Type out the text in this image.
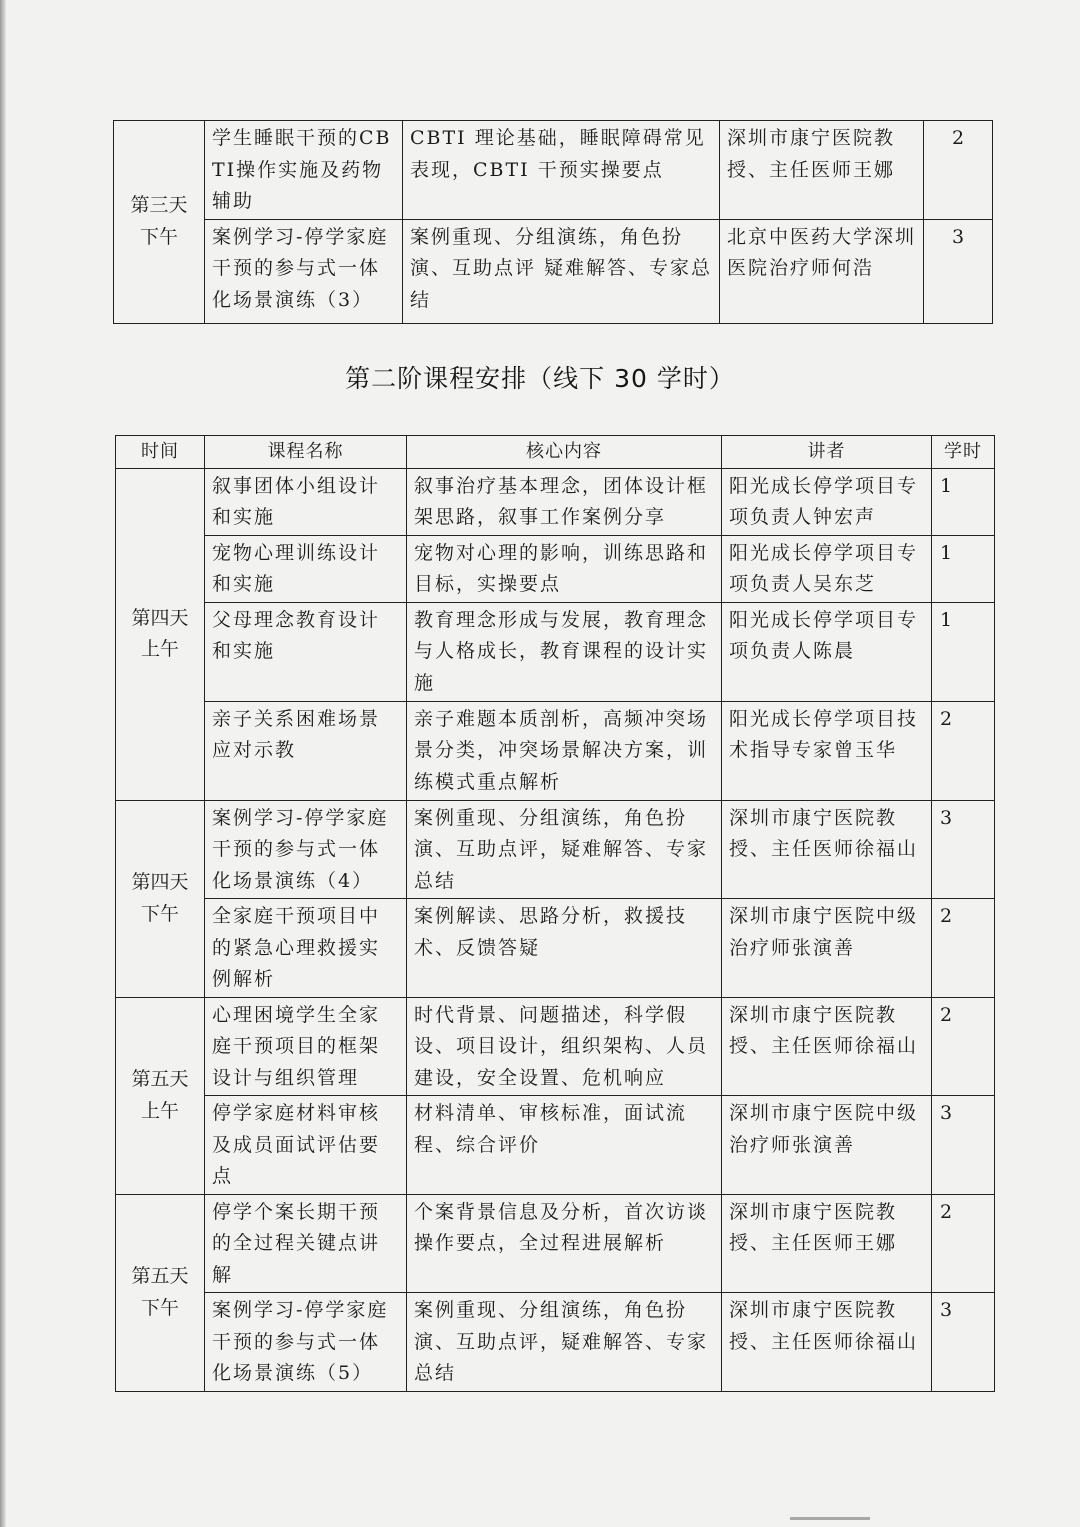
第三天
下午	学生睡眠干预的CBTI操作实施及药物辅助	CBTI 理论基础，睡眠障碍常见表现，CBTI 干预实操要点	深圳市康宁医院教授、主任医师王娜	2
	案例学习-停学家庭干预的参与式一体化场景演练（3）	案例重现、分组演练，角色扮演、互助点评 疑难解答、专家总结	北京中医药大学深圳医院治疗师何浩	3
第二阶课程安排（线下 30 学时）
时间	课程名称	核心内容	讲者	学时

第四天
上午	叙事团体小组设计和实施	叙事治疗基本理念，团体设计框架思路，叙事工作案例分享	阳光成长停学项目专项负责人钟宏声	1
	宠物心理训练设计和实施	宠物对心理的影响，训练思路和目标，实操要点	阳光成长停学项目专项负责人吴东芝	1
	父母理念教育设计和实施	教育理念形成与发展，教育理念与人格成长，教育课程的设计实施	阳光成长停学项目专项负责人陈晨	1
	亲子关系困难场景应对示教	亲子难题本质剖析，高频冲突场景分类，冲突场景解决方案，训练模式重点解析	阳光成长停学项目技术指导专家曾玉华	2

第四天
下午	案例学习-停学家庭干预的参与式一体化场景演练（4）	案例重现、分组演练，角色扮演、互助点评，疑难解答、专家总结	深圳市康宁医院教授、主任医师徐福山	3
	全家庭干预项目中的紧急心理救援实例解析	案例解读、思路分析，救援技术、反馈答疑	深圳市康宁医院中级治疗师张演善	2

第五天
上午	心理困境学生全家庭干预项目的框架设计与组织管理	时代背景、问题描述，科学假设、项目设计，组织架构、人员建设，安全设置、危机响应	深圳市康宁医院教授、主任医师徐福山	2
	停学家庭材料审核及成员面试评估要点	材料清单、审核标准，面试流程、综合评价	深圳市康宁医院中级治疗师张演善	3

第五天
下午	停学个案长期干预的全过程关键点讲解	个案背景信息及分析，首次访谈操作要点，全过程进展解析	深圳市康宁医院教授、主任医师王娜	2
	案例学习-停学家庭干预的参与式一体化场景演练（5）	案例重现、分组演练，角色扮演、互助点评，疑难解答、专家总结	深圳市康宁医院教授、主任医师徐福山	3
